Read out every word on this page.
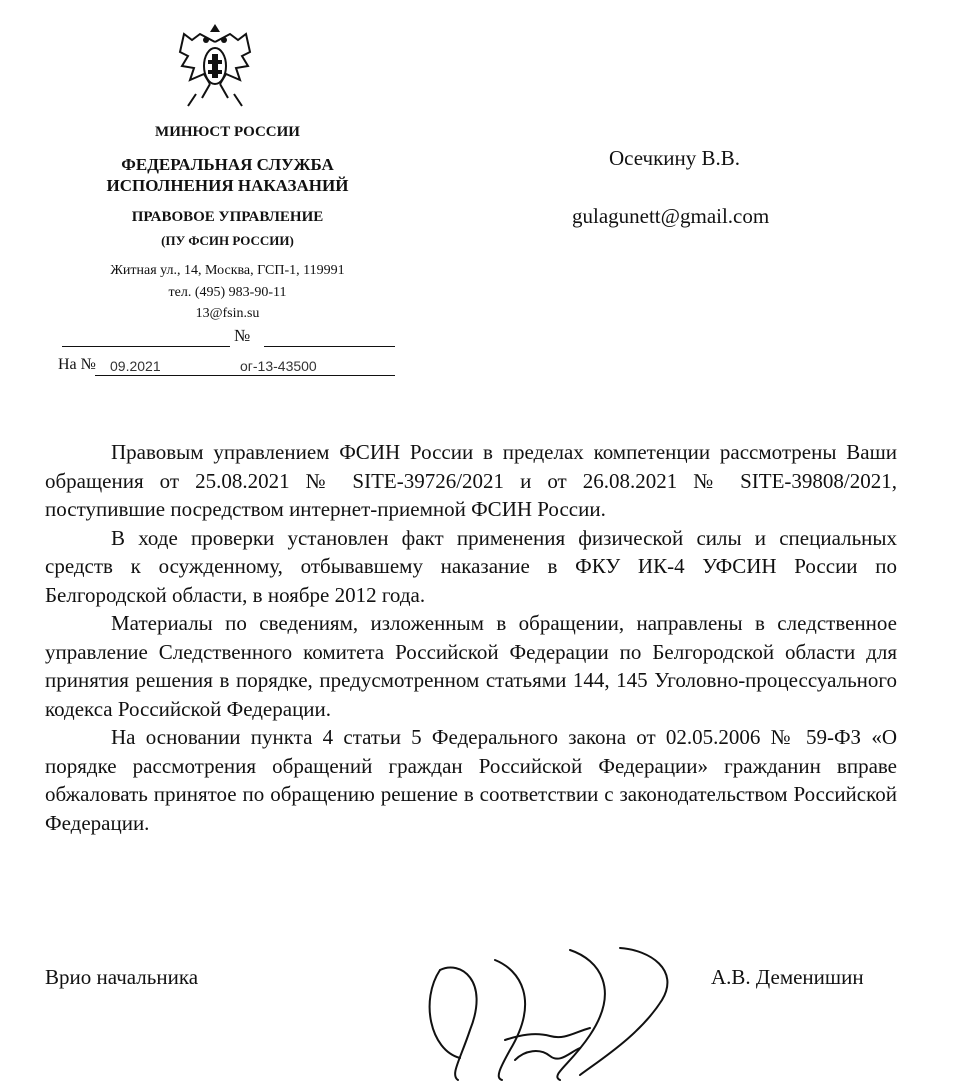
МИНЮСТ РОССИИ
ФЕДЕРАЛЬНАЯ СЛУЖБА
ИСПОЛНЕНИЯ НАКАЗАНИЙ
ПРАВОВОЕ УПРАВЛЕНИЕ
(ПУ ФСИН РОССИИ)
Житная ул., 14, Москва, ГСП-1, 119991
тел. (495) 983-90-11
13@fsin.su
№
На № 09.2021	ог-13-43500
Осечкину В.В.
gulagunett@gmail.com

Правовым управлением ФСИН России в пределах компетенции рассмотрены Ваши обращения от 25.08.2021 № SITE-39726/2021 и от 26.08.2021 № SITE-39808/2021, поступившие посредством интернет-приемной ФСИН России.

В ходе проверки установлен факт применения физической силы и специальных средств к осужденному, отбывавшему наказание в ФКУ ИК-4 УФСИН России по Белгородской области, в ноябре 2012 года.

Материалы по сведениям, изложенным в обращении, направлены в следственное управление Следственного комитета Российской Федерации по Белгородской области для принятия решения в порядке, предусмотренном статьями 144, 145 Уголовно-процессуального кодекса Российской Федерации.

На основании пункта 4 статьи 5 Федерального закона от 02.05.2006 № 59-ФЗ «О порядке рассмотрения обращений граждан Российской Федерации» гражданин вправе обжаловать принятое по обращению решение в соответствии с законодательством Российской Федерации.

Врио начальника	А.В. Деменишин
